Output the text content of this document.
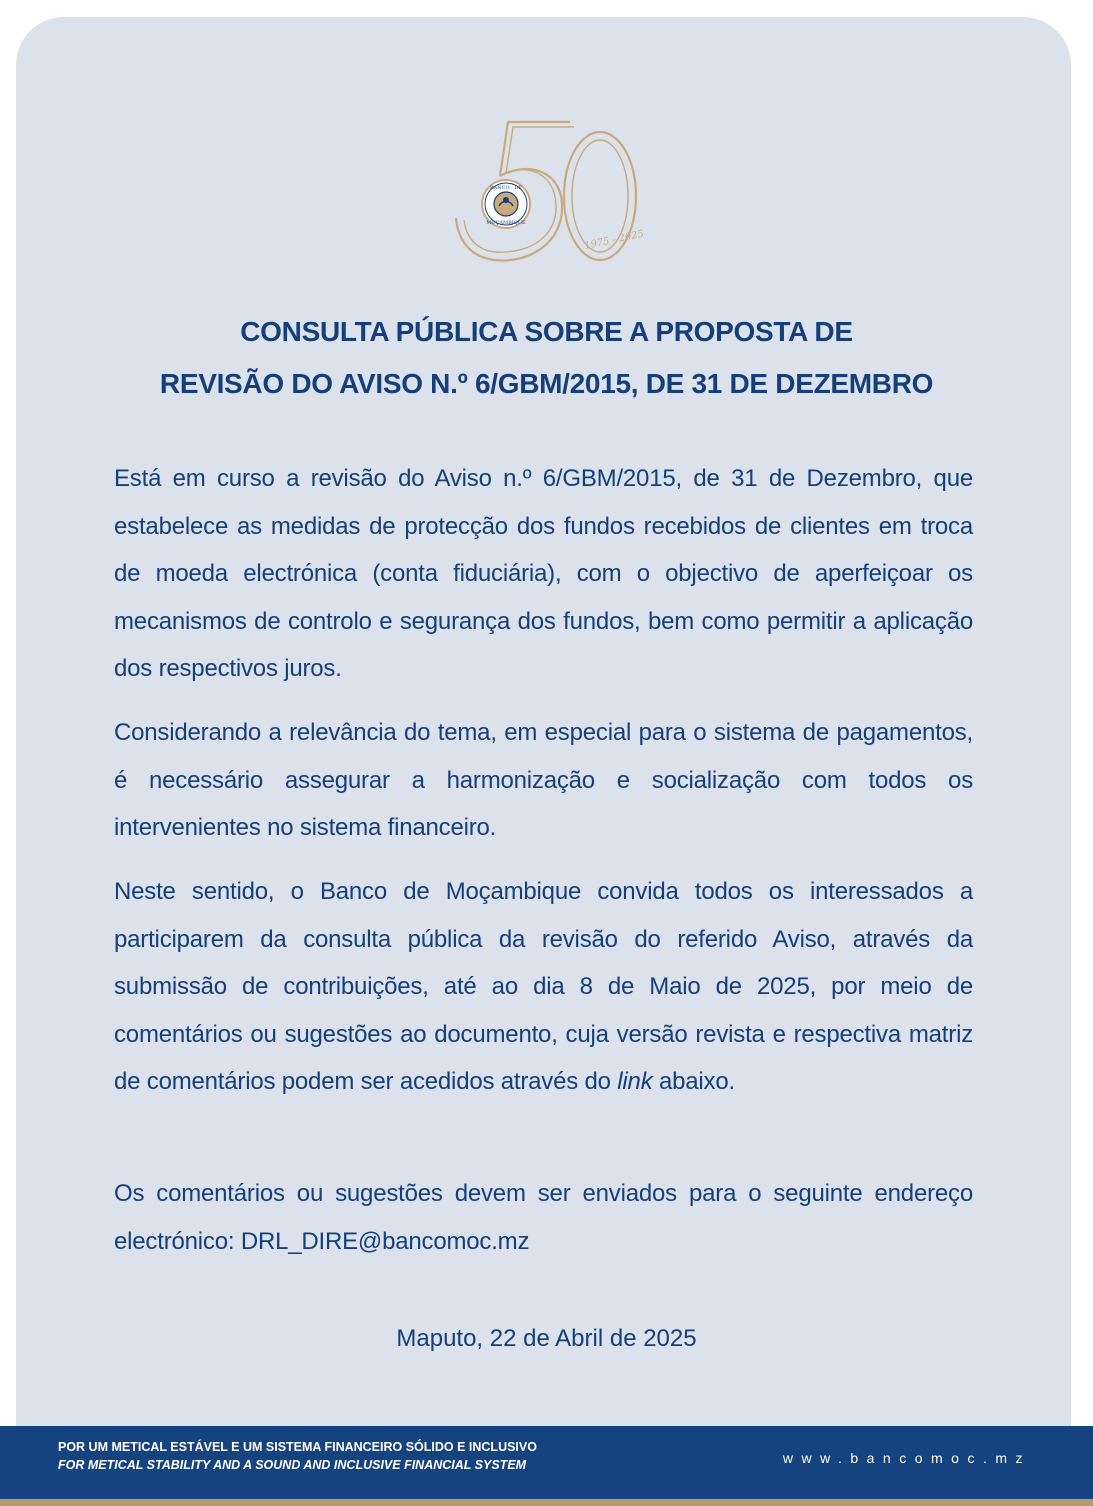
BANCO · DE
MOÇAMBIQUE
1975 - 2025
CONSULTA PÚBLICA SOBRE A PROPOSTA DE
REVISÃO DO AVISO N.º 6/GBM/2015, DE 31 DE DEZEMBRO

Está em curso a revisão do Aviso n.º 6/GBM/2015, de 31 de Dezembro, que estabelece as medidas de protecção dos fundos recebidos de clientes em troca de moeda electrónica (conta fiduciária), com o objectivo de aperfeiçoar os mecanismos de controlo e segurança dos fundos, bem como permitir a aplicação dos respectivos juros.

Considerando a relevância do tema, em especial para o sistema de pagamentos, é necessário assegurar a harmonização e socialização com todos os intervenientes no sistema financeiro.

Neste sentido, o Banco de Moçambique convida todos os interessados a participarem da consulta pública da revisão do referido Aviso, através da submissão de contribuições, até ao dia 8 de Maio de 2025, por meio de comentários ou sugestões ao documento, cuja versão revista e respectiva matriz de comentários podem ser acedidos através do link abaixo.

Os comentários ou sugestões devem ser enviados para o seguinte endereço electrónico: DRL_DIRE@bancomoc.mz

Maputo, 22 de Abril de 2025
POR UM METICAL ESTÁVEL E UM SISTEMA FINANCEIRO SÓLIDO E INCLUSIVO
FOR METICAL STABILITY AND A SOUND AND INCLUSIVE FINANCIAL SYSTEM	www.bancomoc.mz
